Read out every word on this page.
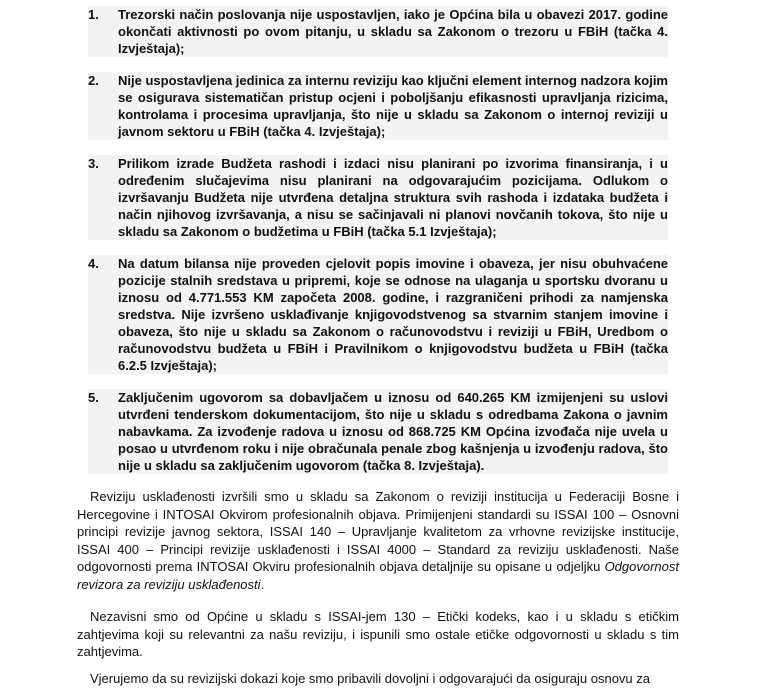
1.	Trezorski način poslovanja nije uspostavljen, iako je Općina bila u obavezi 2017. godine okončati aktivnosti po ovom pitanju, u skladu sa Zakonom o trezoru u FBiH (tačka 4. Izvještaja);
2.	Nije uspostavljena jedinica za internu reviziju kao ključni element internog nadzora kojim se osigurava sistematičan pristup ocjeni i poboljšanju efikasnosti upravljanja rizicima, kontrolama i procesima upravljanja, što nije u skladu sa Zakonom o internoj reviziji u javnom sektoru u FBiH (tačka 4. Izvještaja);
3.	Prilikom izrade Budžeta rashodi i izdaci nisu planirani po izvorima finansiranja, i u određenim slučajevima nisu planirani na odgovarajućim pozicijama. Odlukom o izvršavanju Budžeta nije utvrđena detaljna struktura svih rashoda i izdataka budžeta i način njihovog izvršavanja, a nisu se sačinjavali ni planovi novčanih tokova, što nije u skladu sa Zakonom o budžetima u FBiH (tačka 5.1 Izvještaja);
4.	Na datum bilansa nije proveden cjelovit popis imovine i obaveza, jer nisu obuhvaćene pozicije stalnih sredstava u pripremi, koje se odnose na ulaganja u sportsku dvoranu u iznosu od 4.771.553 KM započeta 2008. godine, i razgraničeni prihodi za namjenska sredstva. Nije izvršeno usklađivanje knjigovodstvenog sa stvarnim stanjem imovine i obaveza, što nije u skladu sa Zakonom o računovodstvu i reviziji u FBiH, Uredbom o računovodstvu budžeta u FBiH i Pravilnikom o knjigovodstvu budžeta u FBiH (tačka 6.2.5 Izvještaja);
5.	Zaključenim ugovorom sa dobavljačem u iznosu od 640.265 KM izmijenjeni su uslovi utvrđeni tenderskom dokumentacijom, što nije u skladu s odredbama Zakona o javnim nabavkama. Za izvođenje radova u iznosu od 868.725 KM Općina izvođača nije uvela u posao u utvrđenom roku i nije obračunala penale zbog kašnjenja u izvođenju radova, što nije u skladu sa zaključenim ugovorom (tačka 8. Izvještaja).

Reviziju usklađenosti izvršili smo u skladu sa Zakonom o reviziji institucija u Federaciji Bosne i Hercegovine i INTOSAI Okvirom profesionalnih objava. Primijenjeni standardi su ISSAI 100 – Osnovni principi revizije javnog sektora, ISSAI 140 – Upravljanje kvalitetom za vrhovne revizijske institucije, ISSAI 400 – Principi revizije usklađenosti i ISSAI 4000 – Standard za reviziju usklađenosti. Naše odgovornosti prema INTOSAI Okviru profesionalnih objava detaljnije su opisane u odjeljku Odgovornost revizora za reviziju usklađenosti.

Nezavisni smo od Općine u skladu s ISSAI-jem 130 – Etički kodeks, kao i u skladu s etičkim zahtjevima koji su relevantni za našu reviziju, i ispunili smo ostale etičke odgovornosti u skladu s tim zahtjevima.

Vjerujemo da su revizijski dokazi koje smo pribavili dovoljni i odgovarajući da osiguraju osnovu za
